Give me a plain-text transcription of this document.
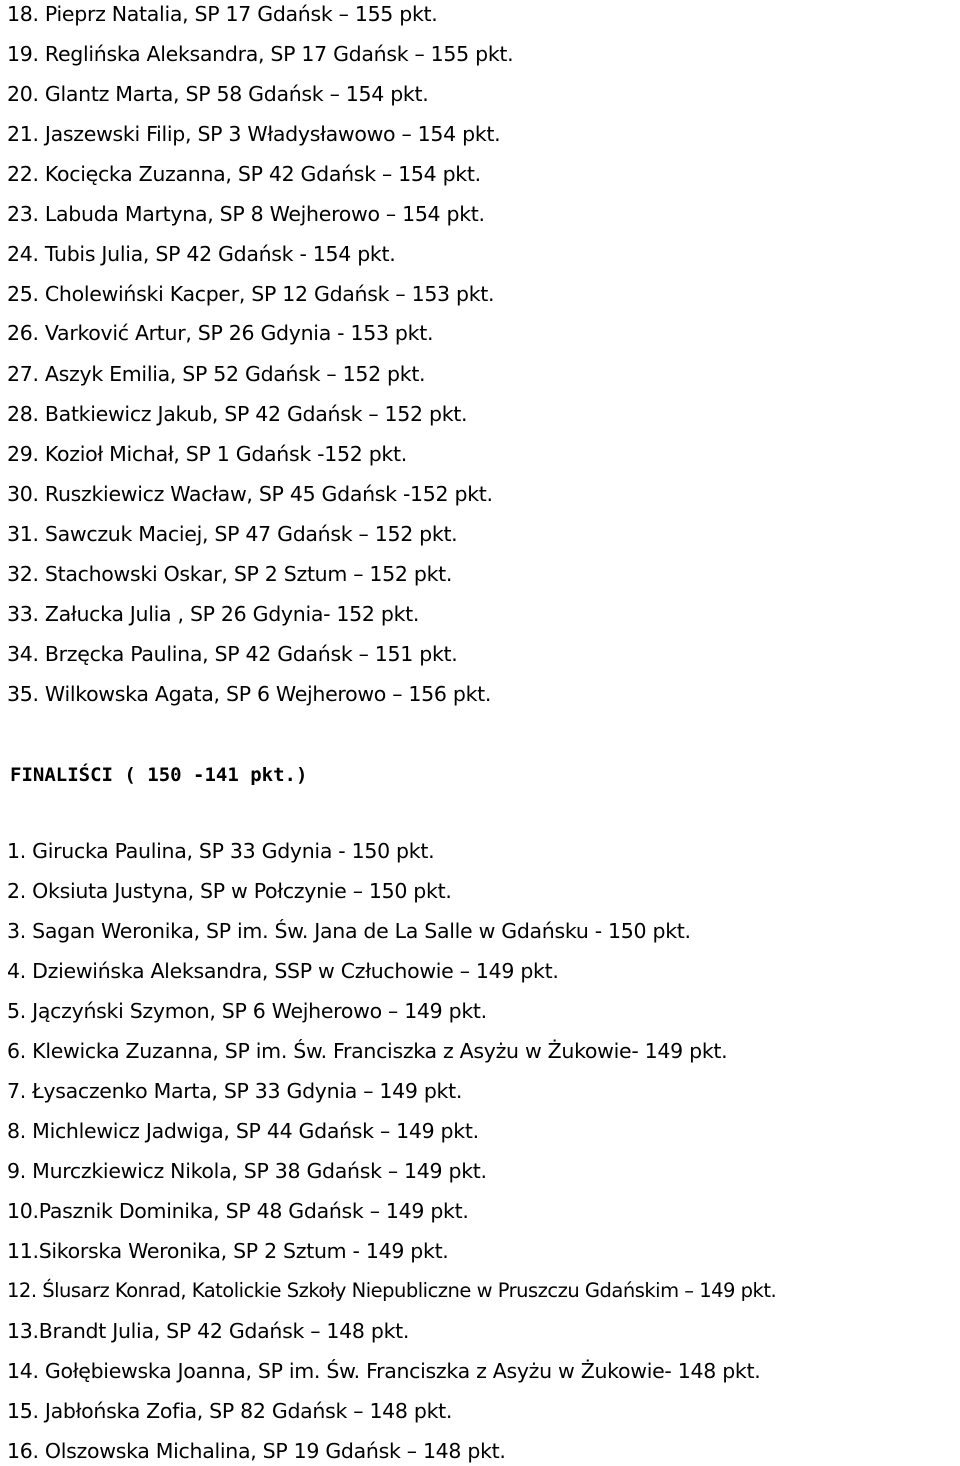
18. Pieprz Natalia, SP 17 Gdańsk – 155 pkt.
19. Reglińska Aleksandra, SP 17 Gdańsk – 155 pkt.
20. Glantz Marta, SP 58 Gdańsk – 154 pkt.
21. Jaszewski Filip, SP 3 Władysławowo – 154 pkt.
22. Kocięcka Zuzanna, SP 42 Gdańsk – 154 pkt.
23. Labuda Martyna, SP 8 Wejherowo – 154 pkt.
24. Tubis Julia, SP 42 Gdańsk - 154 pkt.
25. Cholewiński Kacper, SP 12 Gdańsk – 153 pkt.
26. Varković Artur, SP 26 Gdynia - 153 pkt.
27. Aszyk Emilia, SP 52 Gdańsk – 152 pkt.
28. Batkiewicz Jakub, SP 42 Gdańsk – 152 pkt.
29. Kozioł Michał, SP 1 Gdańsk -152 pkt.
30. Ruszkiewicz Wacław, SP 45 Gdańsk -152 pkt.
31. Sawczuk Maciej, SP 47 Gdańsk – 152 pkt.
32. Stachowski Oskar, SP 2 Sztum – 152 pkt.
33. Załucka Julia , SP 26 Gdynia- 152 pkt.
34. Brzęcka Paulina, SP 42 Gdańsk – 151 pkt.
35. Wilkowska Agata, SP 6 Wejherowo – 156 pkt.
FINALIŚCI ( 150 -141 pkt.)
1. Girucka Paulina, SP 33 Gdynia - 150 pkt.
2. Oksiuta Justyna, SP w Połczynie – 150 pkt.
3. Sagan Weronika, SP im. Św. Jana de La Salle w Gdańsku - 150 pkt.
4. Dziewińska Aleksandra, SSP w Człuchowie – 149 pkt.
5. Jączyński Szymon, SP 6 Wejherowo – 149 pkt.
6. Klewicka Zuzanna, SP im. Św. Franciszka z Asyżu w Żukowie- 149 pkt.
7. Łysaczenko Marta, SP 33 Gdynia – 149 pkt.
8. Michlewicz Jadwiga, SP 44 Gdańsk – 149 pkt.
9. Murczkiewicz Nikola, SP 38 Gdańsk – 149 pkt.
10.Pasznik Dominika, SP 48 Gdańsk – 149 pkt.
11.Sikorska Weronika, SP 2 Sztum - 149 pkt.
12. Ślusarz Konrad, Katolickie Szkoły Niepubliczne w Pruszczu Gdańskim – 149 pkt.
13.Brandt Julia, SP 42 Gdańsk – 148 pkt.
14. Gołębiewska Joanna, SP im. Św. Franciszka z Asyżu w Żukowie- 148 pkt.
15. Jabłońska Zofia, SP 82 Gdańsk – 148 pkt.
16. Olszowska Michalina, SP 19 Gdańsk – 148 pkt.
